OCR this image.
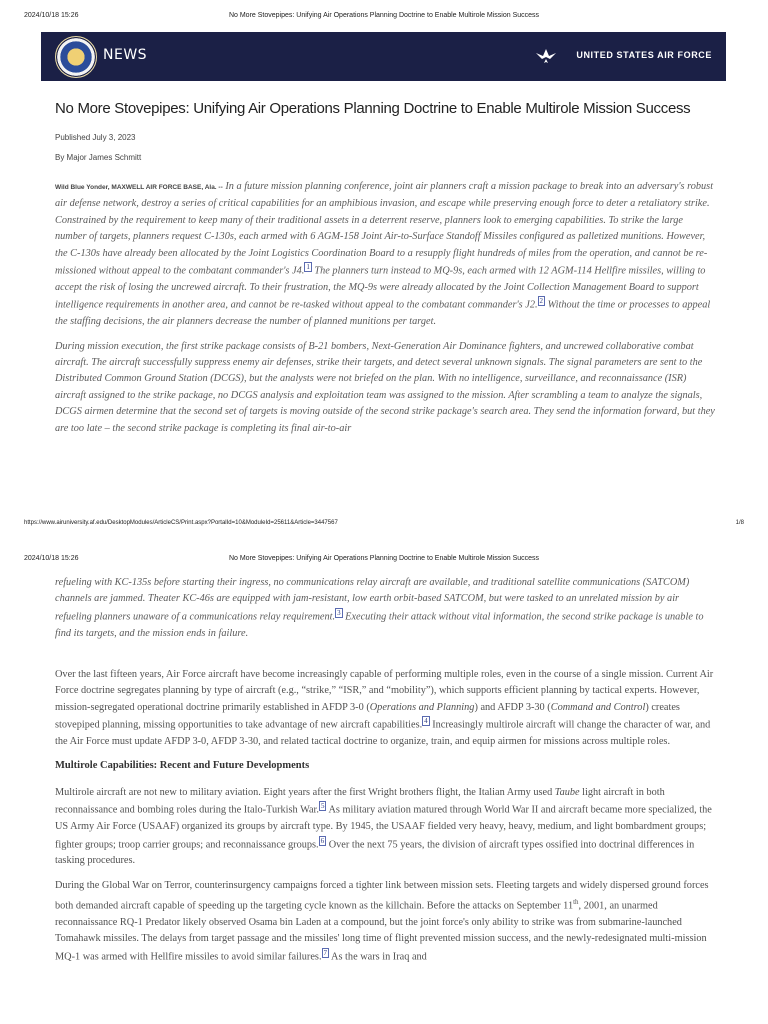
2024/10/18 15:26	No More Stovepipes: Unifying Air Operations Planning Doctrine to Enable Multirole Mission Success
NEWS	UNITED STATES AIR FORCE
No More Stovepipes: Unifying Air Operations Planning Doctrine to Enable Multirole Mission Success
Published July 3, 2023
By Major James Schmitt

Wild Blue Yonder, MAXWELL AIR FORCE BASE, Ala. -- In a future mission planning conference, joint air planners craft a mission package to break into an adversary's robust air defense network, destroy a series of critical capabilities for an amphibious invasion, and escape while preserving enough force to deter a retaliatory strike. Constrained by the requirement to keep many of their traditional assets in a deterrent reserve, planners look to emerging capabilities. To strike the large number of targets, planners request C-130s, each armed with 6 AGM-158 Joint Air-to-Surface Standoff Missiles configured as palletized munitions. However, the C-130s have already been allocated by the Joint Logistics Coordination Board to a resupply flight hundreds of miles from the operation, and cannot be re-missioned without appeal to the combatant commander's J4. 1 The planners turn instead to MQ-9s, each armed with 12 AGM-114 Hellfire missiles, willing to accept the risk of losing the uncrewed aircraft. To their frustration, the MQ-9s were already allocated by the Joint Collection Management Board to support intelligence requirements in another area, and cannot be re-tasked without appeal to the combatant commander's J2. 2 Without the time or processes to appeal the staffing decisions, the air planners decrease the number of planned munitions per target.

During mission execution, the first strike package consists of B-21 bombers, Next-Generation Air Dominance fighters, and uncrewed collaborative combat aircraft. The aircraft successfully suppress enemy air defenses, strike their targets, and detect several unknown signals. The signal parameters are sent to the Distributed Common Ground Station (DCGS), but the analysts were not briefed on the plan. With no intelligence, surveillance, and reconnaissance (ISR) aircraft assigned to the strike package, no DCGS analysis and exploitation team was assigned to the mission. After scrambling a team to analyze the signals, DCGS airmen determine that the second set of targets is moving outside of the second strike package's search area. They send the information forward, but they are too late – the second strike package is completing its final air-to-air

https://www.airuniversity.af.edu/DesktopModules/ArticleCS/Print.aspx?PortalId=10&ModuleId=25611&Article=3447567	1/8
2024/10/18 15:26	No More Stovepipes: Unifying Air Operations Planning Doctrine to Enable Multirole Mission Success

refueling with KC-135s before starting their ingress, no communications relay aircraft are available, and traditional satellite communications (SATCOM) channels are jammed. Theater KC-46s are equipped with jam-resistant, low earth orbit-based SATCOM, but were tasked to an unrelated mission by air refueling planners unaware of a communications relay requirement. 3 Executing their attack without vital information, the second strike package is unable to find its targets, and the mission ends in failure.

Over the last fifteen years, Air Force aircraft have become increasingly capable of performing multiple roles, even in the course of a single mission. Current Air Force doctrine segregates planning by type of aircraft (e.g., “strike,” “ISR,” and “mobility”), which supports efficient planning by tactical experts. However, mission-segregated operational doctrine primarily established in AFDP 3-0 (Operations and Planning) and AFDP 3-30 (Command and Control) creates stovepiped planning, missing opportunities to take advantage of new aircraft capabilities. 4 Increasingly multirole aircraft will change the character of war, and the Air Force must update AFDP 3-0, AFDP 3-30, and related tactical doctrine to organize, train, and equip airmen for missions across multiple roles.

Multirole Capabilities: Recent and Future Developments

Multirole aircraft are not new to military aviation. Eight years after the first Wright brothers flight, the Italian Army used Taube light aircraft in both reconnaissance and bombing roles during the Italo-Turkish War. 5 As military aviation matured through World War II and aircraft became more specialized, the US Army Air Force (USAAF) organized its groups by aircraft type. By 1945, the USAAF fielded very heavy, heavy, medium, and light bombardment groups; fighter groups; troop carrier groups; and reconnaissance groups. 6 Over the next 75 years, the division of aircraft types ossified into doctrinal differences in tasking procedures.

During the Global War on Terror, counterinsurgency campaigns forced a tighter link between mission sets. Fleeting targets and widely dispersed ground forces both demanded aircraft capable of speeding up the targeting cycle known as the killchain. Before the attacks on September 11th, 2001, an unarmed reconnaissance RQ-1 Predator likely observed Osama bin Laden at a compound, but the joint force's only ability to strike was from submarine-launched Tomahawk missiles. The delays from target passage and the missiles' long time of flight prevented mission success, and the newly-redesignated multi-mission MQ-1 was armed with Hellfire missiles to avoid similar failures. 7 As the wars in Iraq and
